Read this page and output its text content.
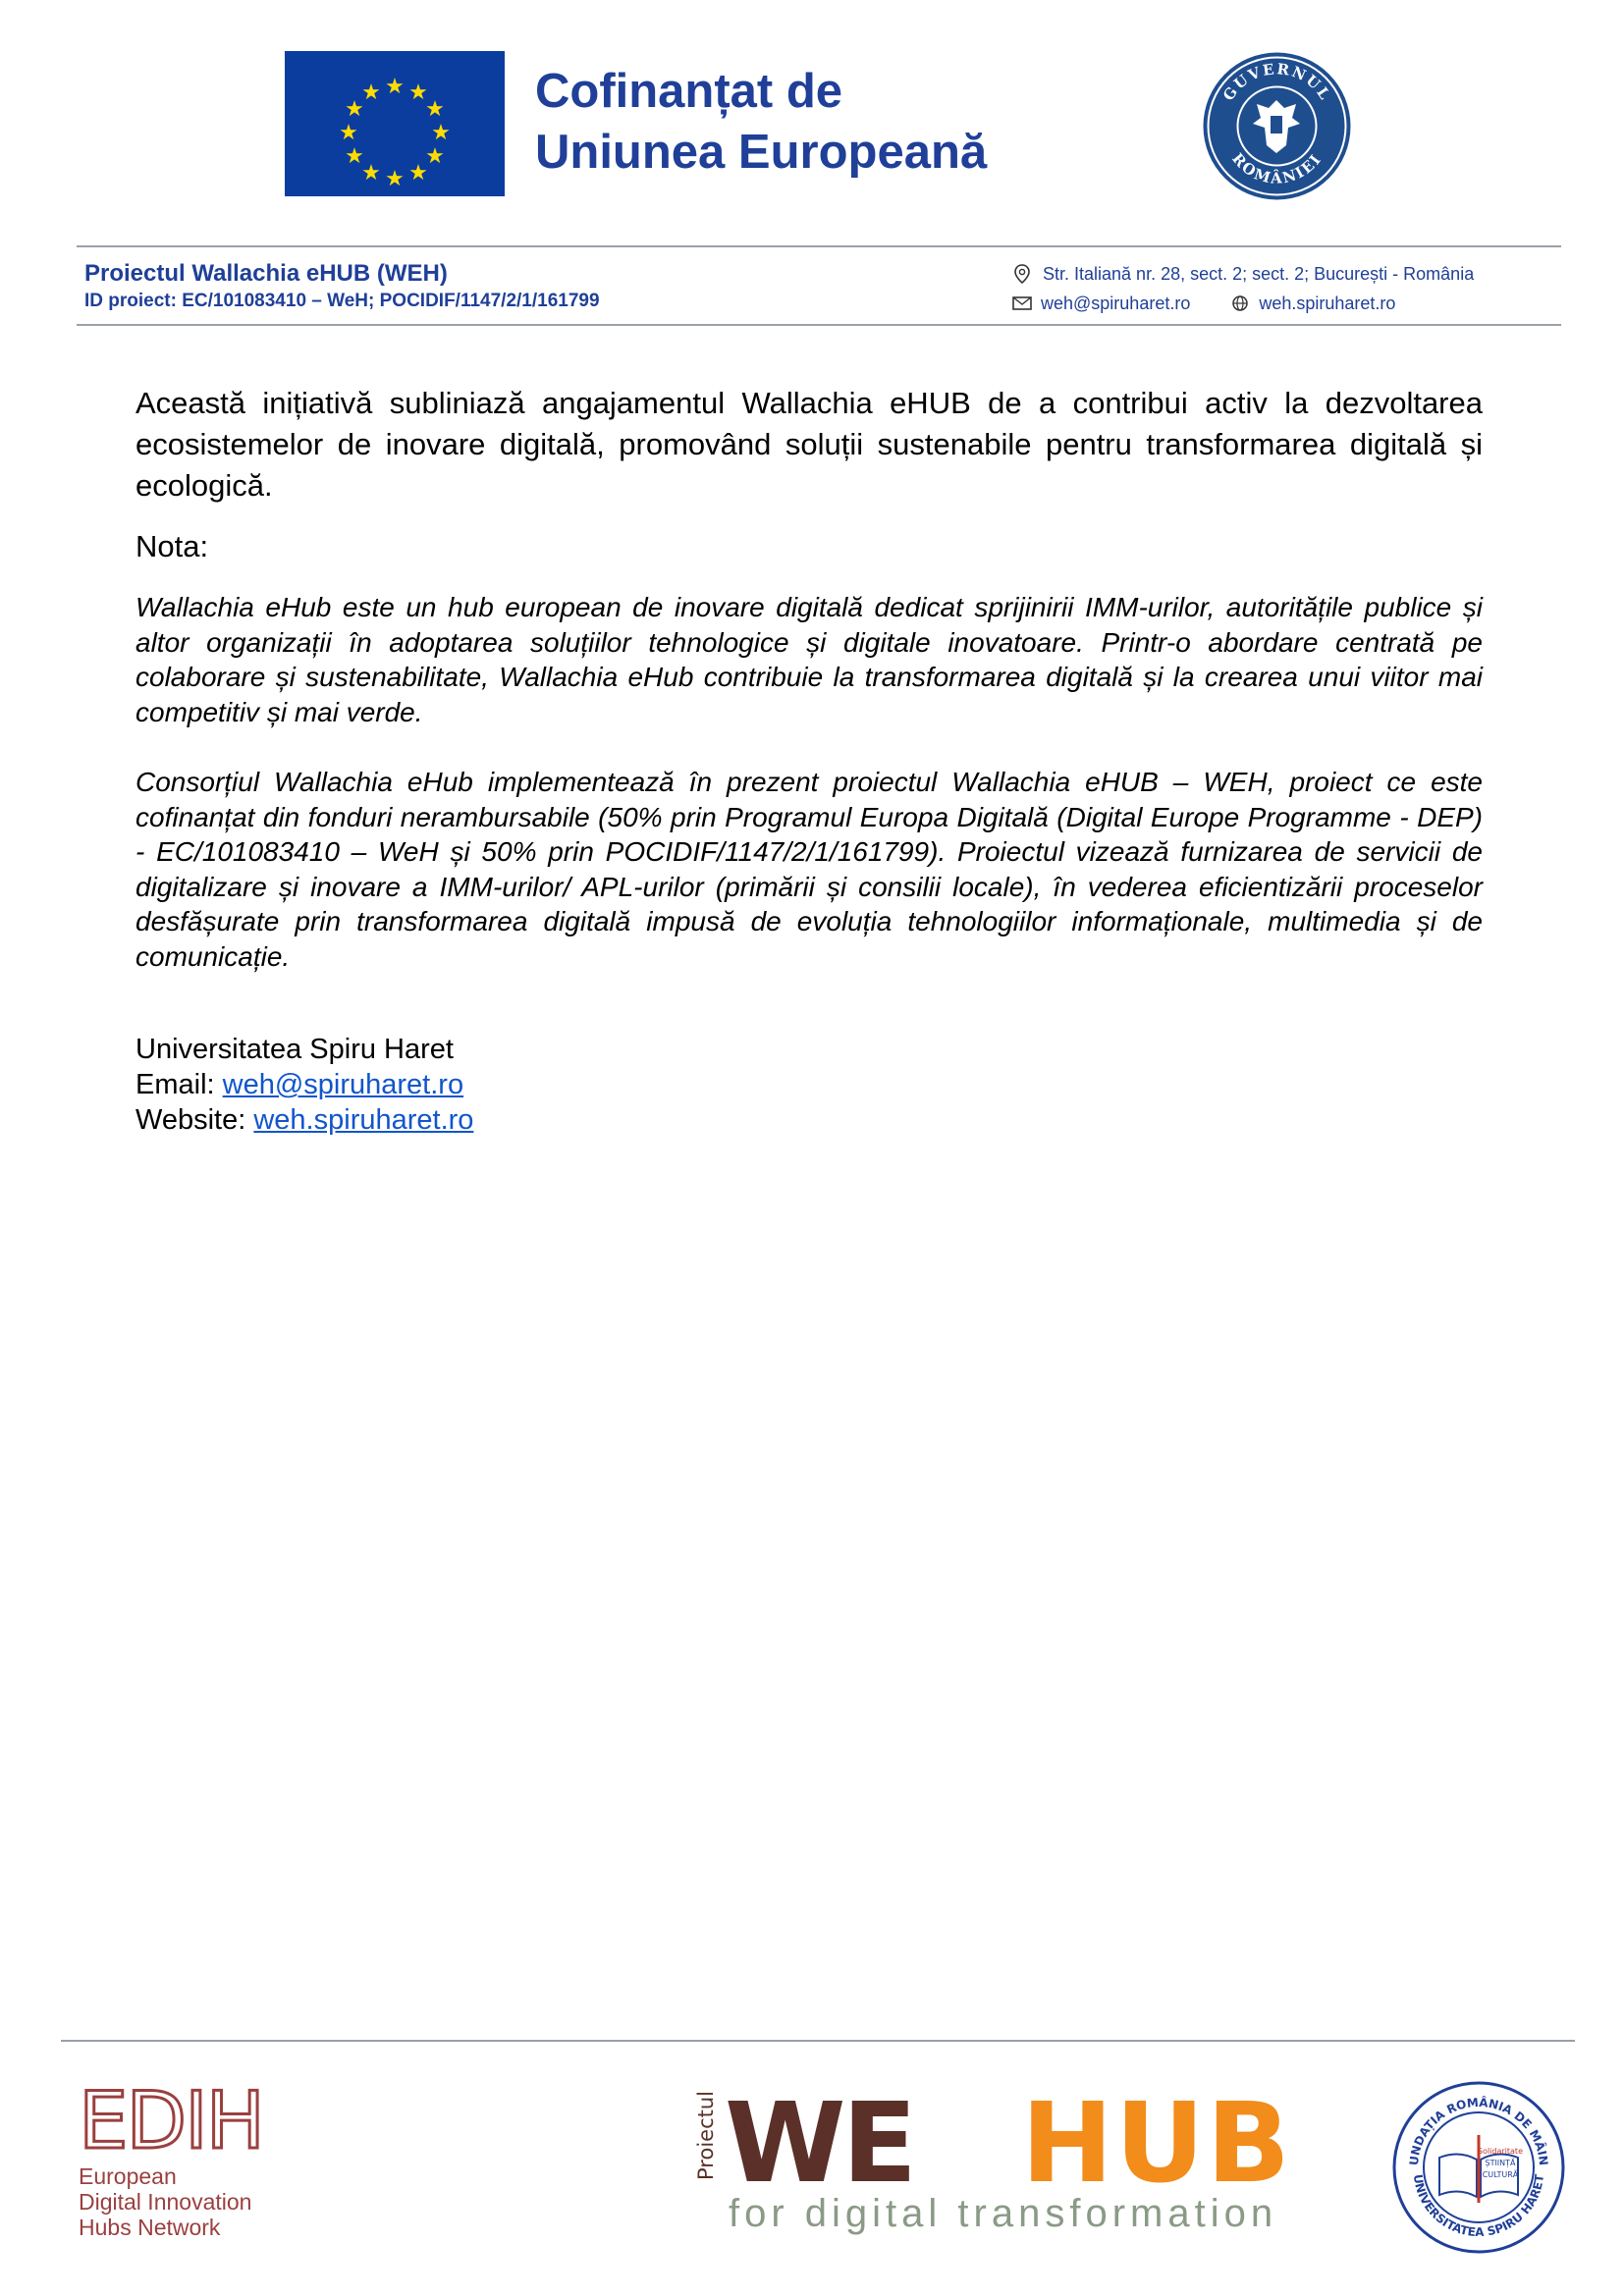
★ ★
★
★
★
★
★
★
★
★
★
★	Cofinanțat de
Uniunea Europeană
GUVERNUL
ROMÂNIEI
Proiectul Wallachia eHUB (WEH)
ID proiect: EC/101083410 – WeH; POCIDIF/1147/2/1/161799
Str. Italiană nr. 28, sect. 2; sect. 2; București - România
weh@spiruharet.ro	weh.spiruharet.ro
Această inițiativă subliniază angajamentul Wallachia eHUB de a contribui activ la dezvoltarea ecosistemelor de inovare digitală, promovând soluții sustenabile pentru transformarea digitală și ecologică.
Nota:
Wallachia eHub este un hub european de inovare digitală dedicat sprijinirii IMM-urilor, autoritățile publice și altor organizații în adoptarea soluțiilor tehnologice și digitale inovatoare. Printr-o abordare centrată pe colaborare și sustenabilitate, Wallachia eHub contribuie la transformarea digitală și la crearea unui viitor mai competitiv și mai verde.
Consorțiul Wallachia eHub implementează în prezent proiectul Wallachia eHUB – WEH, proiect ce este cofinanțat din fonduri nerambursabile (50% prin Programul Europa Digitală (Digital Europe Programme - DEP) - EC/101083410 – WeH și 50% prin POCIDIF/1147/2/1/161799). Proiectul vizează furnizarea de servicii de digitalizare și inovare a IMM-urilor/ APL-urilor (primării și consilii locale), în vederea eficientizării proceselor desfășurate prin transformarea digitală impusă de evoluția tehnologiilor informaționale, multimedia și de comunicație.
Universitatea Spiru Haret
Email: weh@spiruharet.ro
Website: weh.spiruharet.ro
EDIH
European
Digital Innovation
Hubs Network
Proiectul WE HUB
for digital transformation
UNDAȚIA ROMÂNIA DE MÂIN
UNIVERSITATEA SPIRU HARET
Solidaritate
ȘTIINȚĂ
CULTURĂ
